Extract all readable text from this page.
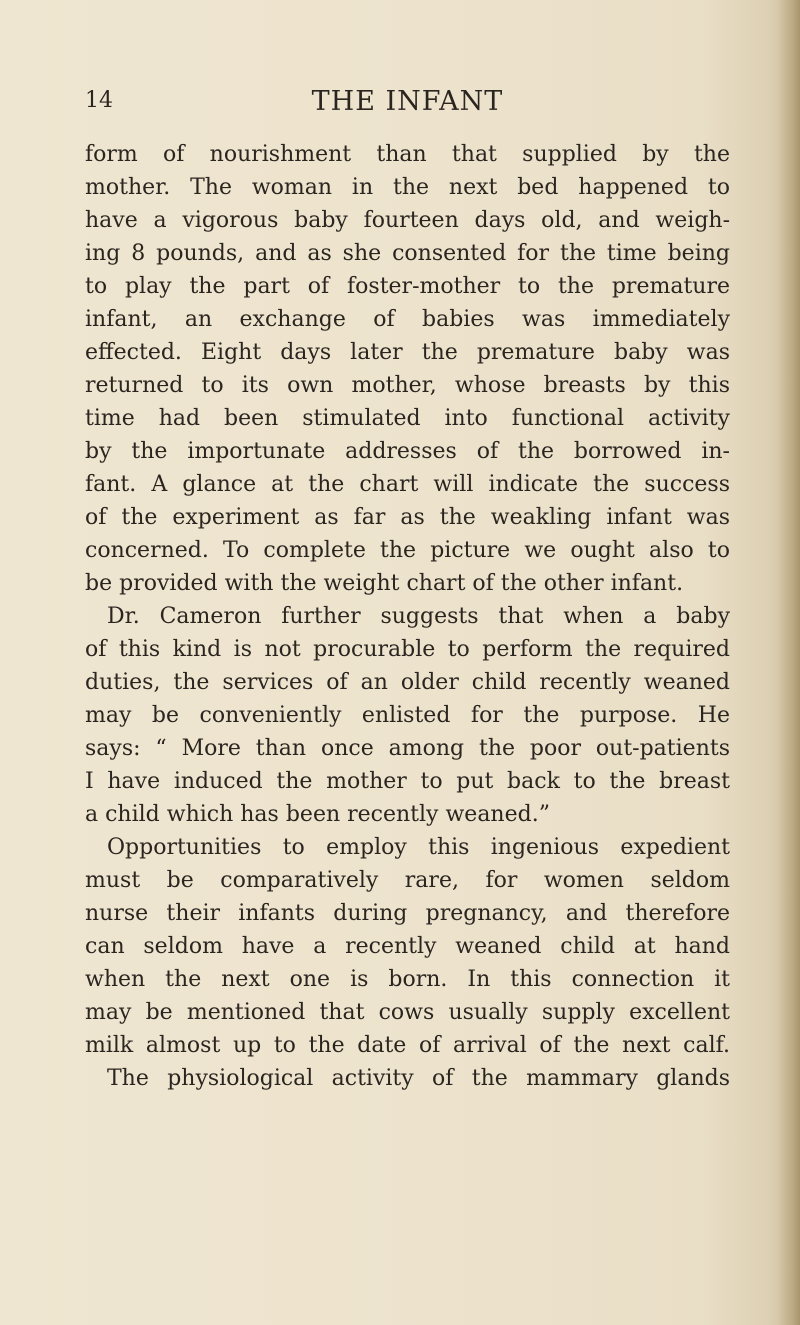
14	THE INFANT
form of nourishment than that supplied by the
mother. The woman in the next bed happened to
have a vigorous baby fourteen days old, and weigh-
ing 8 pounds, and as she consented for the time being
to play the part of foster-mother to the premature
infant, an exchange of babies was immediately
effected. Eight days later the premature baby was
returned to its own mother, whose breasts by this
time had been stimulated into functional activity
by the importunate addresses of the borrowed in-
fant. A glance at the chart will indicate the success
of the experiment as far as the weakling infant was
concerned. To complete the picture we ought also to
be provided with the weight chart of the other infant.
Dr. Cameron further suggests that when a baby
of this kind is not procurable to perform the required
duties, the services of an older child recently weaned
may be conveniently enlisted for the purpose. He
says: “ More than once among the poor out-patients
I have induced the mother to put back to the breast
a child which has been recently weaned.”
Opportunities to employ this ingenious expedient
must be comparatively rare, for women seldom
nurse their infants during pregnancy, and therefore
can seldom have a recently weaned child at hand
when the next one is born. In this connection it
may be mentioned that cows usually supply excellent
milk almost up to the date of arrival of the next calf.
The physiological activity of the mammary glands
